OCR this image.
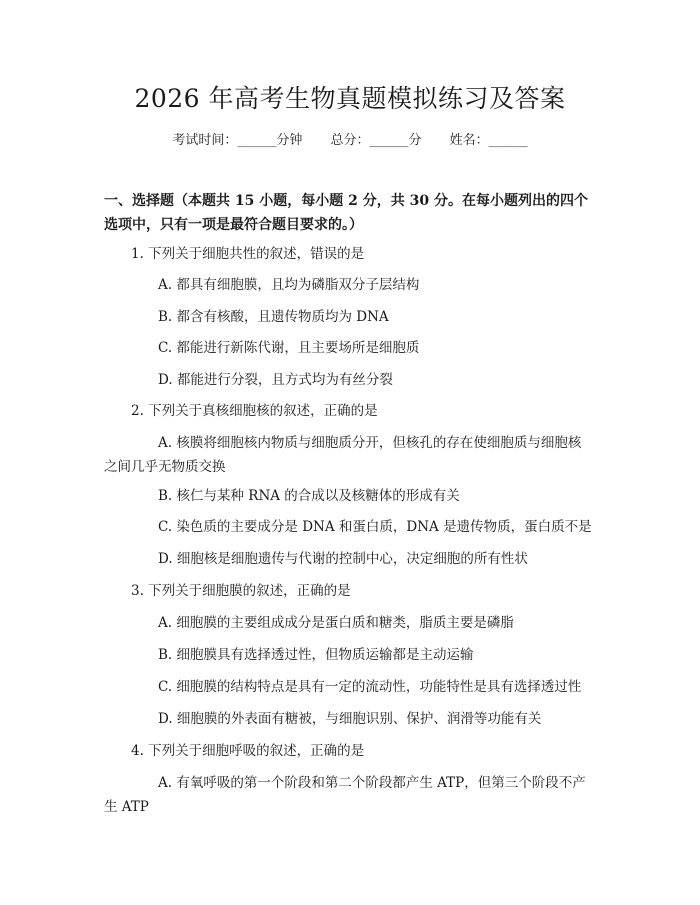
2026 年高考生物真题模拟练习及答案
考试时间：______分钟 总分：______分 姓名：______
一、选择题（本题共 15 小题，每小题 2 分，共 30 分。在每小题列出的四个选项中，只有一项是最符合题目要求的。）
1. 下列关于细胞共性的叙述，错误的是
A. 都具有细胞膜，且均为磷脂双分子层结构
B. 都含有核酸，且遗传物质均为 DNA
C. 都能进行新陈代谢，且主要场所是细胞质
D. 都能进行分裂，且方式均为有丝分裂
2. 下列关于真核细胞核的叙述，正确的是
A. 核膜将细胞核内物质与细胞质分开，但核孔的存在使细胞质与细胞核之间几乎无物质交换
B. 核仁与某种 RNA 的合成以及核糖体的形成有关
C. 染色质的主要成分是 DNA 和蛋白质，DNA 是遗传物质，蛋白质不是
D. 细胞核是细胞遗传与代谢的控制中心，决定细胞的所有性状
3. 下列关于细胞膜的叙述，正确的是
A. 细胞膜的主要组成成分是蛋白质和糖类，脂质主要是磷脂
B. 细胞膜具有选择透过性，但物质运输都是主动运输
C. 细胞膜的结构特点是具有一定的流动性，功能特性是具有选择透过性
D. 细胞膜的外表面有糖被，与细胞识别、保护、润滑等功能有关
4. 下列关于细胞呼吸的叙述，正确的是
A. 有氧呼吸的第一个阶段和第二个阶段都产生 ATP，但第三个阶段不产生 ATP
